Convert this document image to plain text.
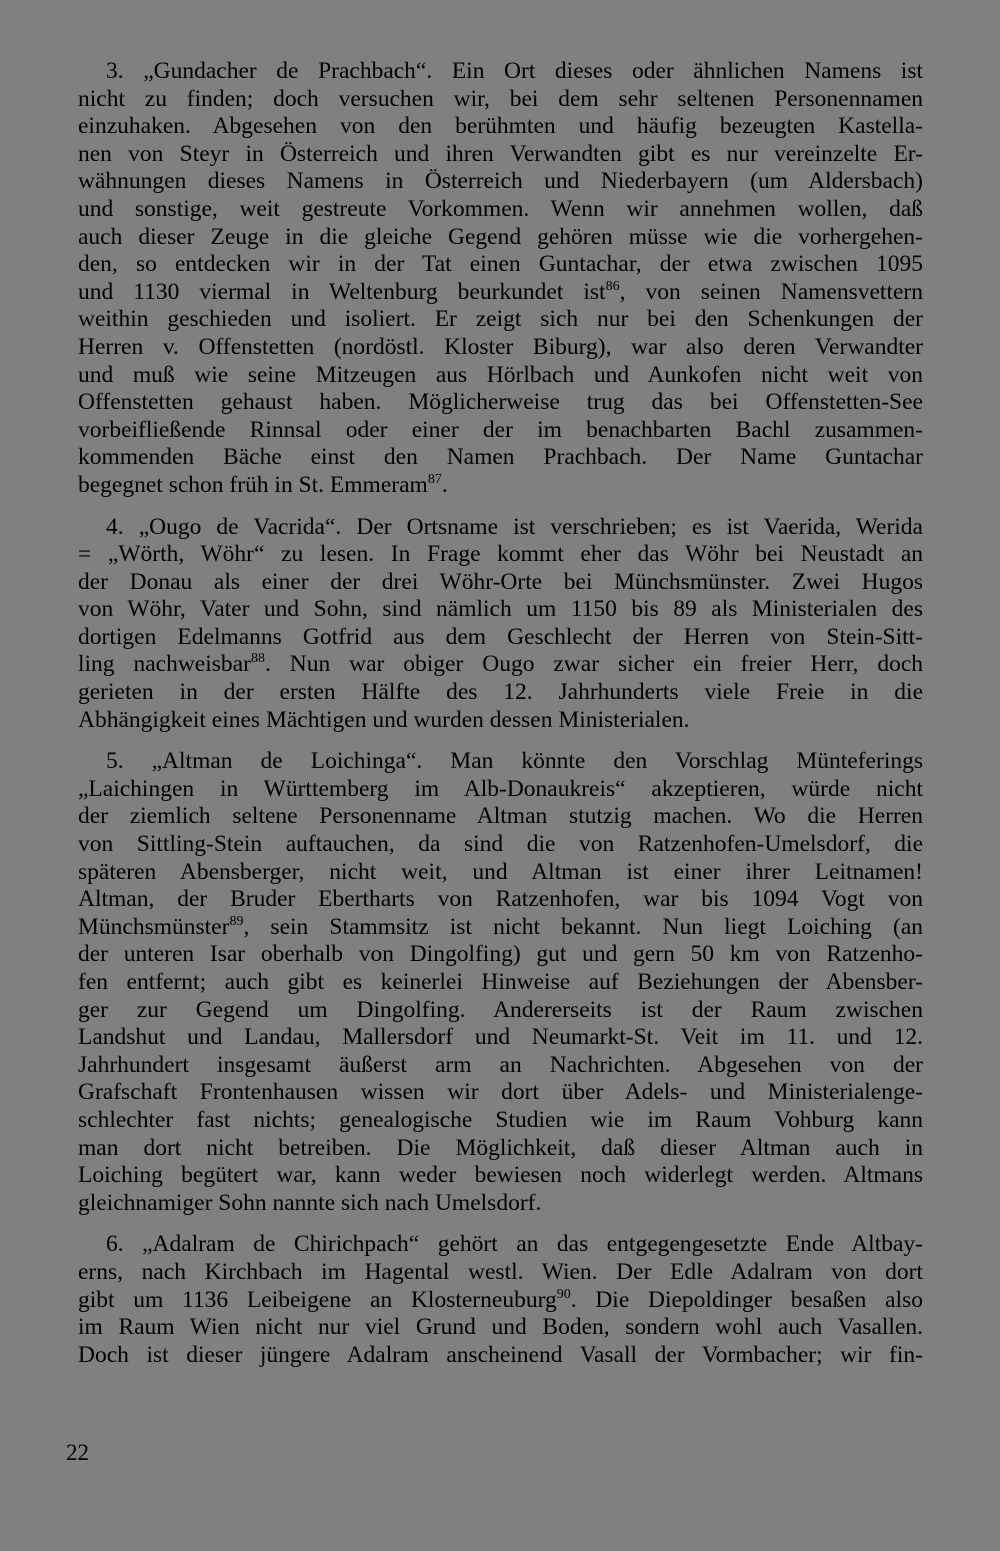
3. „Gundacher de Prachbach“. Ein Ort dieses oder ähnlichen Namens ist
nicht zu finden; doch versuchen wir, bei dem sehr seltenen Personennamen
einzuhaken. Abgesehen von den berühmten und häufig bezeugten Kastella-
nen von Steyr in Österreich und ihren Verwandten gibt es nur vereinzelte Er-
wähnungen dieses Namens in Österreich und Niederbayern (um Aldersbach)
und sonstige, weit gestreute Vorkommen. Wenn wir annehmen wollen, daß
auch dieser Zeuge in die gleiche Gegend gehören müsse wie die vorhergehen-
den, so entdecken wir in der Tat einen Guntachar, der etwa zwischen 1095
und 1130 viermal in Weltenburg beurkundet ist$^{86}$, von seinen Namensvettern
weithin geschieden und isoliert. Er zeigt sich nur bei den Schenkungen der
Herren v. Offenstetten (nordöstl. Kloster Biburg), war also deren Verwandter
und muß wie seine Mitzeugen aus Hörlbach und Aunkofen nicht weit von
Offenstetten gehaust haben. Möglicherweise trug das bei Offenstetten-See
vorbeifließende Rinnsal oder einer der im benachbarten Bachl zusammen-
kommenden Bäche einst den Namen Prachbach. Der Name Guntachar
begegnet schon früh in St. Emmeram$^{87}$.
4. „Ougo de Vacrida“. Der Ortsname ist verschrieben; es ist Vaerida, Werida
= „Wörth, Wöhr“ zu lesen. In Frage kommt eher das Wöhr bei Neustadt an
der Donau als einer der drei Wöhr-Orte bei Münchsmünster. Zwei Hugos
von Wöhr, Vater und Sohn, sind nämlich um 1150 bis 89 als Ministerialen des
dortigen Edelmanns Gotfrid aus dem Geschlecht der Herren von Stein-Sitt-
ling nachweisbar$^{88}$. Nun war obiger Ougo zwar sicher ein freier Herr, doch
gerieten in der ersten Hälfte des 12. Jahrhunderts viele Freie in die
Abhängigkeit eines Mächtigen und wurden dessen Ministerialen.
5. „Altman de Loichinga“. Man könnte den Vorschlag Münteferings
„Laichingen in Württemberg im Alb-Donaukreis“ akzeptieren, würde nicht
der ziemlich seltene Personenname Altman stutzig machen. Wo die Herren
von Sittling-Stein auftauchen, da sind die von Ratzenhofen-Umelsdorf, die
späteren Abensberger, nicht weit, und Altman ist einer ihrer Leitnamen!
Altman, der Bruder Ebertharts von Ratzenhofen, war bis 1094 Vogt von
Münchsmünster$^{89}$, sein Stammsitz ist nicht bekannt. Nun liegt Loiching (an
der unteren Isar oberhalb von Dingolfing) gut und gern 50 km von Ratzenho-
fen entfernt; auch gibt es keinerlei Hinweise auf Beziehungen der Abensber-
ger zur Gegend um Dingolfing. Andererseits ist der Raum zwischen
Landshut und Landau, Mallersdorf und Neumarkt-St. Veit im 11. und 12.
Jahrhundert insgesamt äußerst arm an Nachrichten. Abgesehen von der
Grafschaft Frontenhausen wissen wir dort über Adels- und Ministerialenge-
schlechter fast nichts; genealogische Studien wie im Raum Vohburg kann
man dort nicht betreiben. Die Möglichkeit, daß dieser Altman auch in
Loiching begütert war, kann weder bewiesen noch widerlegt werden. Altmans
gleichnamiger Sohn nannte sich nach Umelsdorf.
6. „Adalram de Chirichpach“ gehört an das entgegengesetzte Ende Altbay-
erns, nach Kirchbach im Hagental westl. Wien. Der Edle Adalram von dort
gibt um 1136 Leibeigene an Klosterneuburg$^{90}$. Die Diepoldinger besaßen also
im Raum Wien nicht nur viel Grund und Boden, sondern wohl auch Vasallen.
Doch ist dieser jüngere Adalram anscheinend Vasall der Vormbacher; wir fin-
22
